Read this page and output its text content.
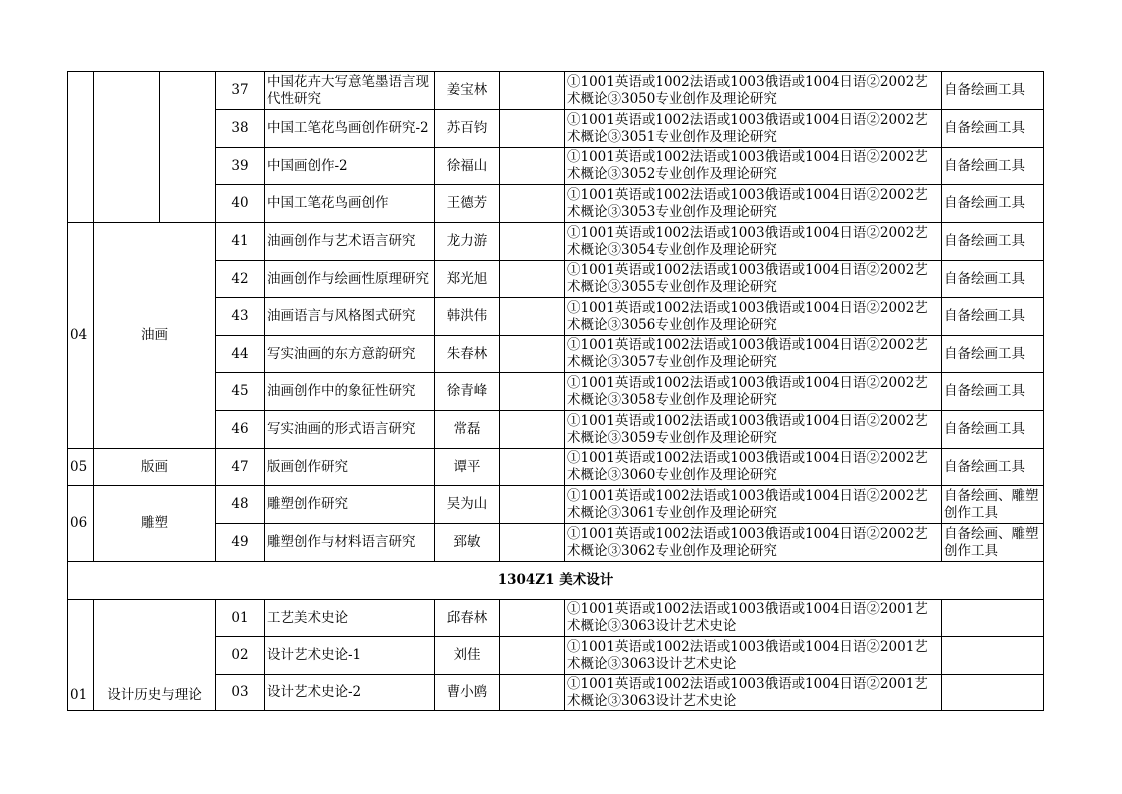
			37	中国花卉大写意笔墨语言现代性研究	姜宝林		①1001英语或1002法语或1003俄语或1004日语②2002艺术概论③3050专业创作及理论研究	自备绘画工具
			38	中国工笔花鸟画创作研究-2	苏百钧		①1001英语或1002法语或1003俄语或1004日语②2002艺术概论③3051专业创作及理论研究	自备绘画工具
			39	中国画创作-2	徐福山		①1001英语或1002法语或1003俄语或1004日语②2002艺术概论③3052专业创作及理论研究	自备绘画工具
			40	中国工笔花鸟画创作	王德芳		①1001英语或1002法语或1003俄语或1004日语②2002艺术概论③3053专业创作及理论研究	自备绘画工具
04	油画		41	油画创作与艺术语言研究	龙力游		①1001英语或1002法语或1003俄语或1004日语②2002艺术概论③3054专业创作及理论研究	自备绘画工具
			42	油画创作与绘画性原理研究	郑光旭		①1001英语或1002法语或1003俄语或1004日语②2002艺术概论③3055专业创作及理论研究	自备绘画工具
			43	油画语言与风格图式研究	韩洪伟		①1001英语或1002法语或1003俄语或1004日语②2002艺术概论③3056专业创作及理论研究	自备绘画工具
			44	写实油画的东方意韵研究	朱春林		①1001英语或1002法语或1003俄语或1004日语②2002艺术概论③3057专业创作及理论研究	自备绘画工具
			45	油画创作中的象征性研究	徐青峰		①1001英语或1002法语或1003俄语或1004日语②2002艺术概论③3058专业创作及理论研究	自备绘画工具
			46	写实油画的形式语言研究	常磊		①1001英语或1002法语或1003俄语或1004日语②2002艺术概论③3059专业创作及理论研究	自备绘画工具
05	版画		47	版画创作研究	谭平		①1001英语或1002法语或1003俄语或1004日语②2002艺术概论③3060专业创作及理论研究	自备绘画工具
06	雕塑		48	雕塑创作研究	吴为山		①1001英语或1002法语或1003俄语或1004日语②2002艺术概论③3061专业创作及理论研究	自备绘画、雕塑创作工具
			49	雕塑创作与材料语言研究	郅敏		①1001英语或1002法语或1003俄语或1004日语②2002艺术概论③3062专业创作及理论研究	自备绘画、雕塑创作工具
1304Z1 美术设计								
01	设计历史与理论		01	工艺美术史论	邱春林		①1001英语或1002法语或1003俄语或1004日语②2001艺术概论③3063设计艺术史论	
			02	设计艺术史论-1	刘佳		①1001英语或1002法语或1003俄语或1004日语②2001艺术概论③3063设计艺术史论	
			03	设计艺术史论-2	曹小鸥		①1001英语或1002法语或1003俄语或1004日语②2001艺术概论③3063设计艺术史论	
